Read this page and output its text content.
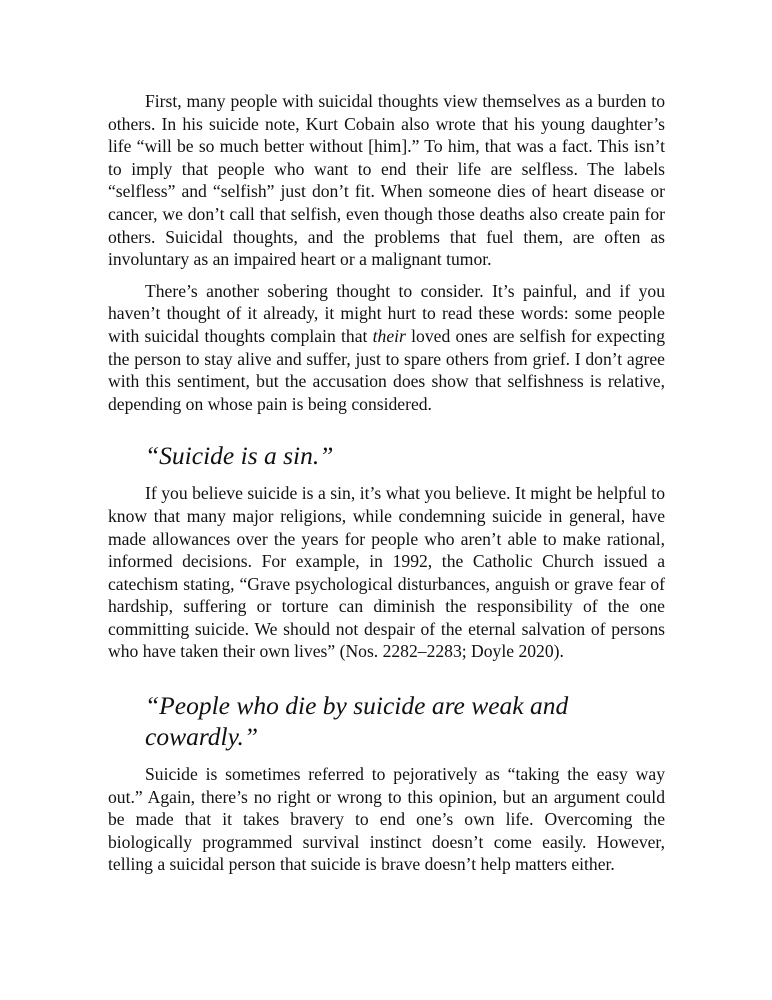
First, many people with suicidal thoughts view themselves as a burden to others. In his suicide note, Kurt Cobain also wrote that his young daughter’s life “will be so much better without [him].” To him, that was a fact. This isn’t to imply that people who want to end their life are selfless. The labels “selfless” and “selfish” just don’t fit. When someone dies of heart disease or cancer, we don’t call that selfish, even though those deaths also create pain for others. Suicidal thoughts, and the problems that fuel them, are often as involuntary as an impaired heart or a malignant tumor.

There’s another sobering thought to consider. It’s painful, and if you haven’t thought of it already, it might hurt to read these words: some people with suicidal thoughts complain that their loved ones are selfish for expecting the person to stay alive and suffer, just to spare others from grief. I don’t agree with this sentiment, but the accusation does show that selfishness is relative, depending on whose pain is being considered.

“Suicide is a sin.”

If you believe suicide is a sin, it’s what you believe. It might be helpful to know that many major religions, while condemning suicide in general, have made allowances over the years for people who aren’t able to make rational, informed decisions. For example, in 1992, the Catholic Church issued a catechism stating, “Grave psychological disturbances, anguish or grave fear of hardship, suffering or torture can diminish the responsibility of the one committing suicide. We should not despair of the eternal salvation of persons who have taken their own lives” (Nos. 2282–2283; Doyle 2020).

“People who die by suicide are weak and cowardly.”

Suicide is sometimes referred to pejoratively as “taking the easy way out.” Again, there’s no right or wrong to this opinion, but an argument could be made that it takes bravery to end one’s own life. Overcoming the biologically programmed survival instinct doesn’t come easily. However, telling a suicidal person that suicide is brave doesn’t help matters either.
